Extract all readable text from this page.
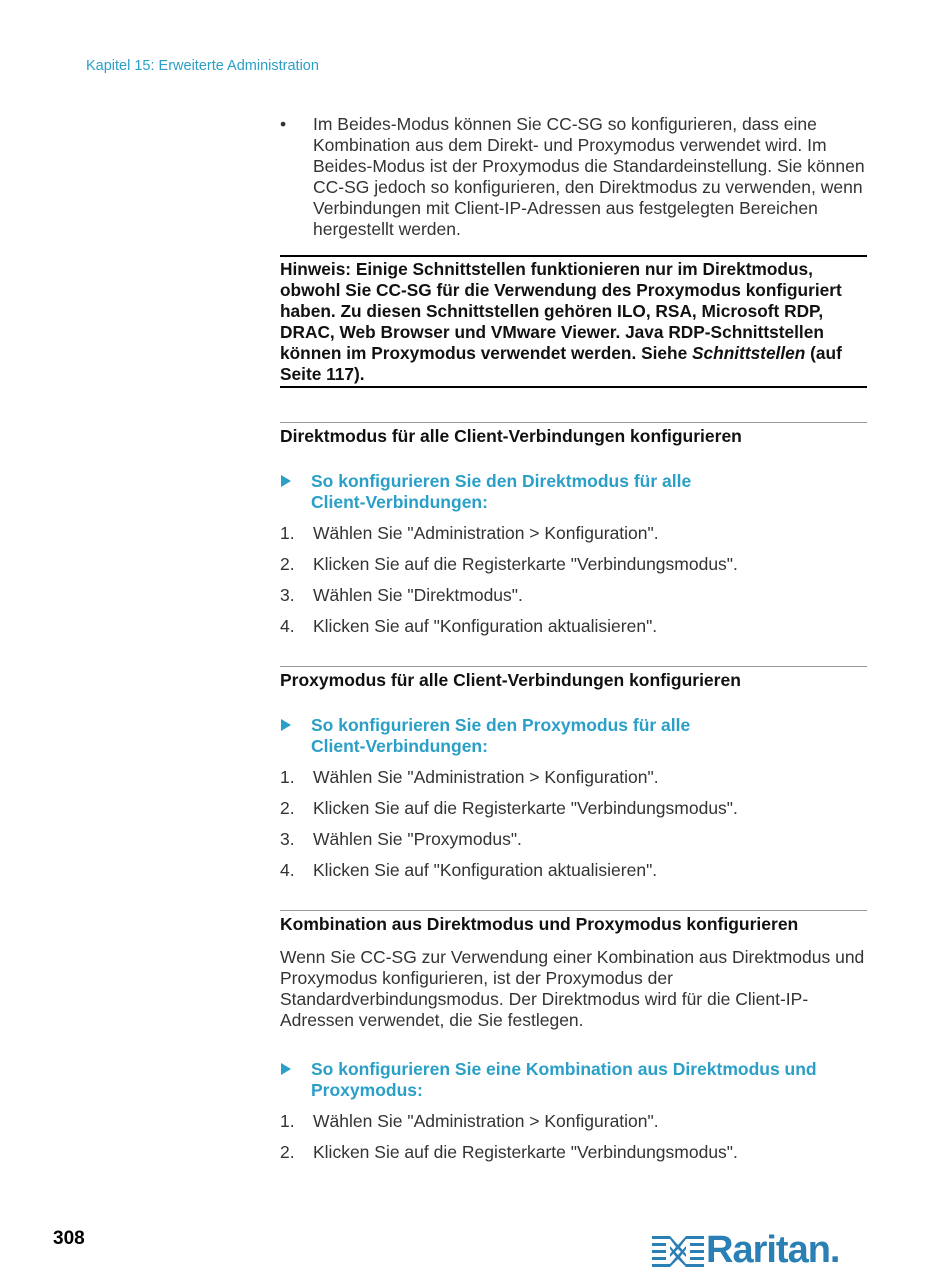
Kapitel 15: Erweiterte Administration
• Im Beides-Modus können Sie CC-SG so konfigurieren, dass eine Kombination aus dem Direkt- und Proxymodus verwendet wird. Im Beides-Modus ist der Proxymodus die Standardeinstellung. Sie können CC-SG jedoch so konfigurieren, den Direktmodus zu verwenden, wenn Verbindungen mit Client-IP-Adressen aus festgelegten Bereichen hergestellt werden.
Hinweis: Einige Schnittstellen funktionieren nur im Direktmodus, obwohl Sie CC-SG für die Verwendung des Proxymodus konfiguriert haben. Zu diesen Schnittstellen gehören ILO, RSA, Microsoft RDP, DRAC, Web Browser und VMware Viewer. Java RDP-Schnittstellen können im Proxymodus verwendet werden. Siehe Schnittstellen (auf Seite 117).
Direktmodus für alle Client-Verbindungen konfigurieren
So konfigurieren Sie den Direktmodus für alle
Client-Verbindungen:
1. Wählen Sie "Administration > Konfiguration".
2. Klicken Sie auf die Registerkarte "Verbindungsmodus".
3. Wählen Sie "Direktmodus".
4. Klicken Sie auf "Konfiguration aktualisieren".
Proxymodus für alle Client-Verbindungen konfigurieren
So konfigurieren Sie den Proxymodus für alle
Client-Verbindungen:
1. Wählen Sie "Administration > Konfiguration".
2. Klicken Sie auf die Registerkarte "Verbindungsmodus".
3. Wählen Sie "Proxymodus".
4. Klicken Sie auf "Konfiguration aktualisieren".
Kombination aus Direktmodus und Proxymodus konfigurieren
Wenn Sie CC-SG zur Verwendung einer Kombination aus Direktmodus und Proxymodus konfigurieren, ist der Proxymodus der Standardverbindungsmodus. Der Direktmodus wird für die Client-IP-Adressen verwendet, die Sie festlegen.
So konfigurieren Sie eine Kombination aus Direktmodus und
Proxymodus:
1. Wählen Sie "Administration > Konfiguration".
2. Klicken Sie auf die Registerkarte "Verbindungsmodus".
308	Raritan.
